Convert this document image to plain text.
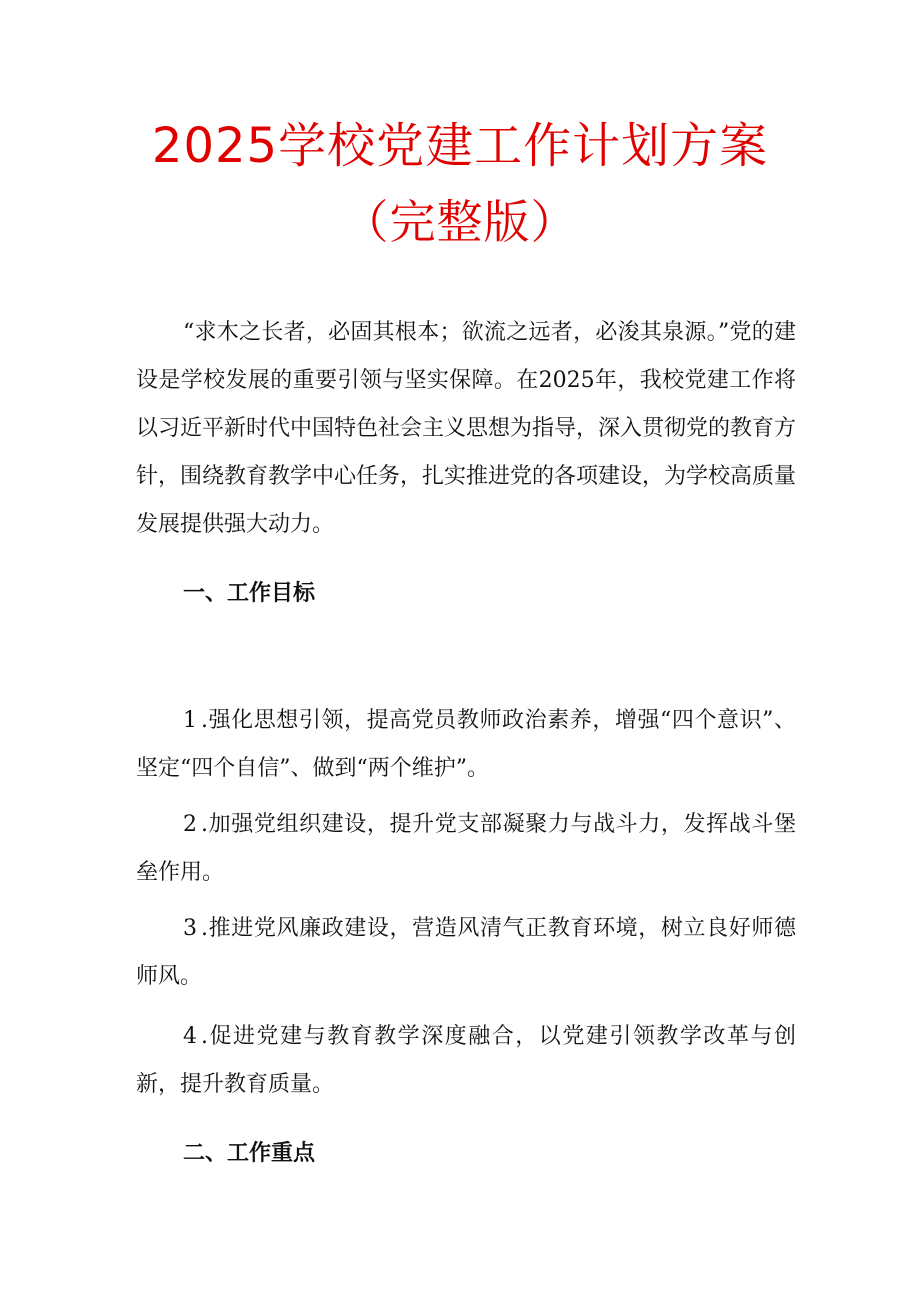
2025学校党建工作计划方案
（完整版）
“求木之长者，必固其根本；欲流之远者，必浚其泉源。”党的建设是学校发展的重要引领与坚实保障。在2025年，我校党建工作将以习近平新时代中国特色社会主义思想为指导，深入贯彻党的教育方针，围绕教育教学中心任务，扎实推进党的各项建设，为学校高质量发展提供强大动力。
一、工作目标
1 .强化思想引领，提高党员教师政治素养，增强“四个意识”、坚定“四个自信”、做到“两个维护”。
2 .加强党组织建设，提升党支部凝聚力与战斗力，发挥战斗堡垒作用。
3 .推进党风廉政建设，营造风清气正教育环境，树立良好师德师风。
4 .促进党建与教育教学深度融合，以党建引领教学改革与创新，提升教育质量。
二、工作重点
